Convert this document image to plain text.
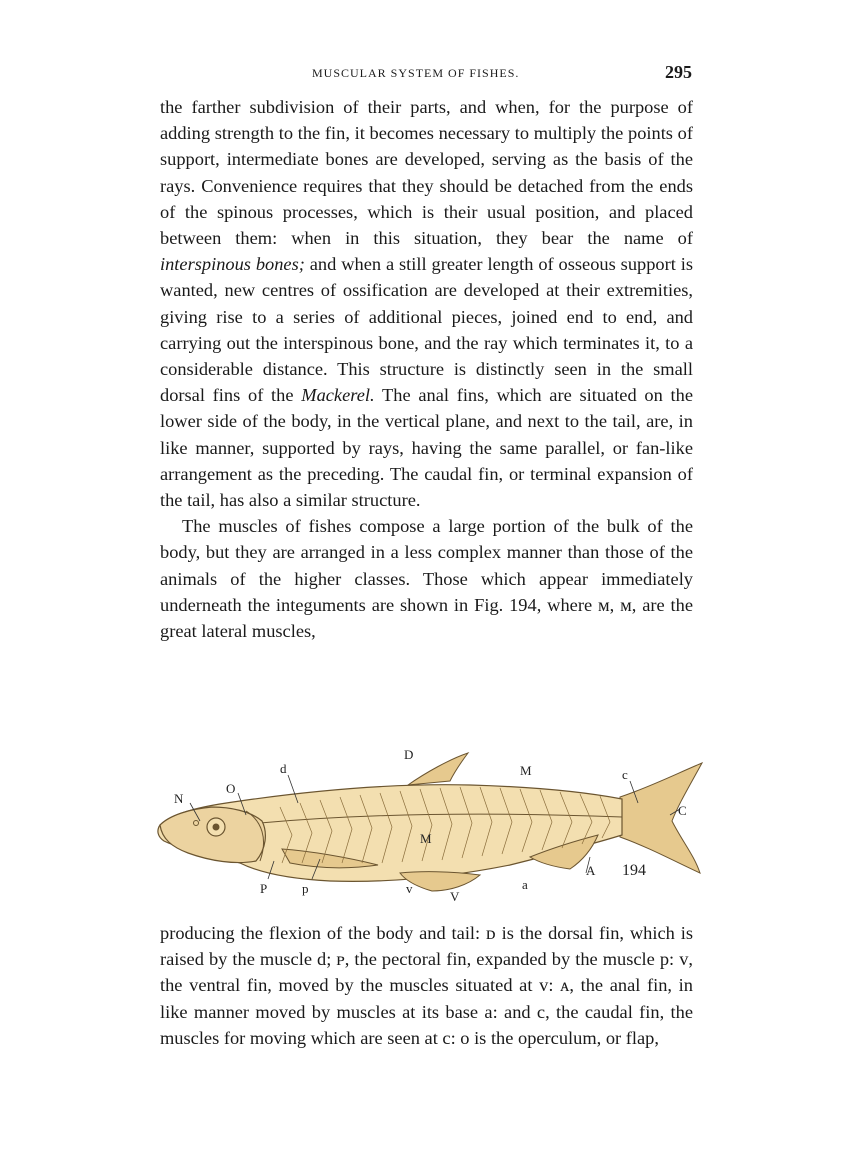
MUSCULAR SYSTEM OF FISHES.	295

the farther subdivision of their parts, and when, for the purpose of adding strength to the fin, it becomes necessary to multiply the points of support, intermediate bones are developed, serving as the basis of the rays. Convenience requires that they should be detached from the ends of the spinous processes, which is their usual position, and placed between them: when in this situation, they bear the name of interspinous bones; and when a still greater length of osseous support is wanted, new centres of ossification are developed at their extremities, giving rise to a series of additional pieces, joined end to end, and carrying out the interspinous bone, and the ray which terminates it, to a considerable distance. This structure is distinctly seen in the small dorsal fins of the Mackerel. The anal fins, which are situated on the lower side of the body, in the vertical plane, and next to the tail, are, in like manner, supported by rays, having the same parallel, or fan-like arrangement as the preceding. The caudal fin, or terminal expansion of the tail, has also a similar structure.

The muscles of fishes compose a large portion of the bulk of the body, but they are arranged in a less complex manner than those of the animals of the higher classes. Those which appear immediately underneath the integuments are shown in Fig. 194, where м, м, are the great lateral muscles,

D
d	M	c
N
O
C
M
A 194
a
P	p	v
V

producing the flexion of the body and tail: ᴅ is the dorsal fin, which is raised by the muscle d; ᴘ, the pectoral fin, expanded by the muscle p: ᴠ, the ventral fin, moved by the muscles situated at v: ᴀ, the anal fin, in like manner moved by muscles at its base a: and c, the caudal fin, the muscles for moving which are seen at c: o is the operculum, or flap,
